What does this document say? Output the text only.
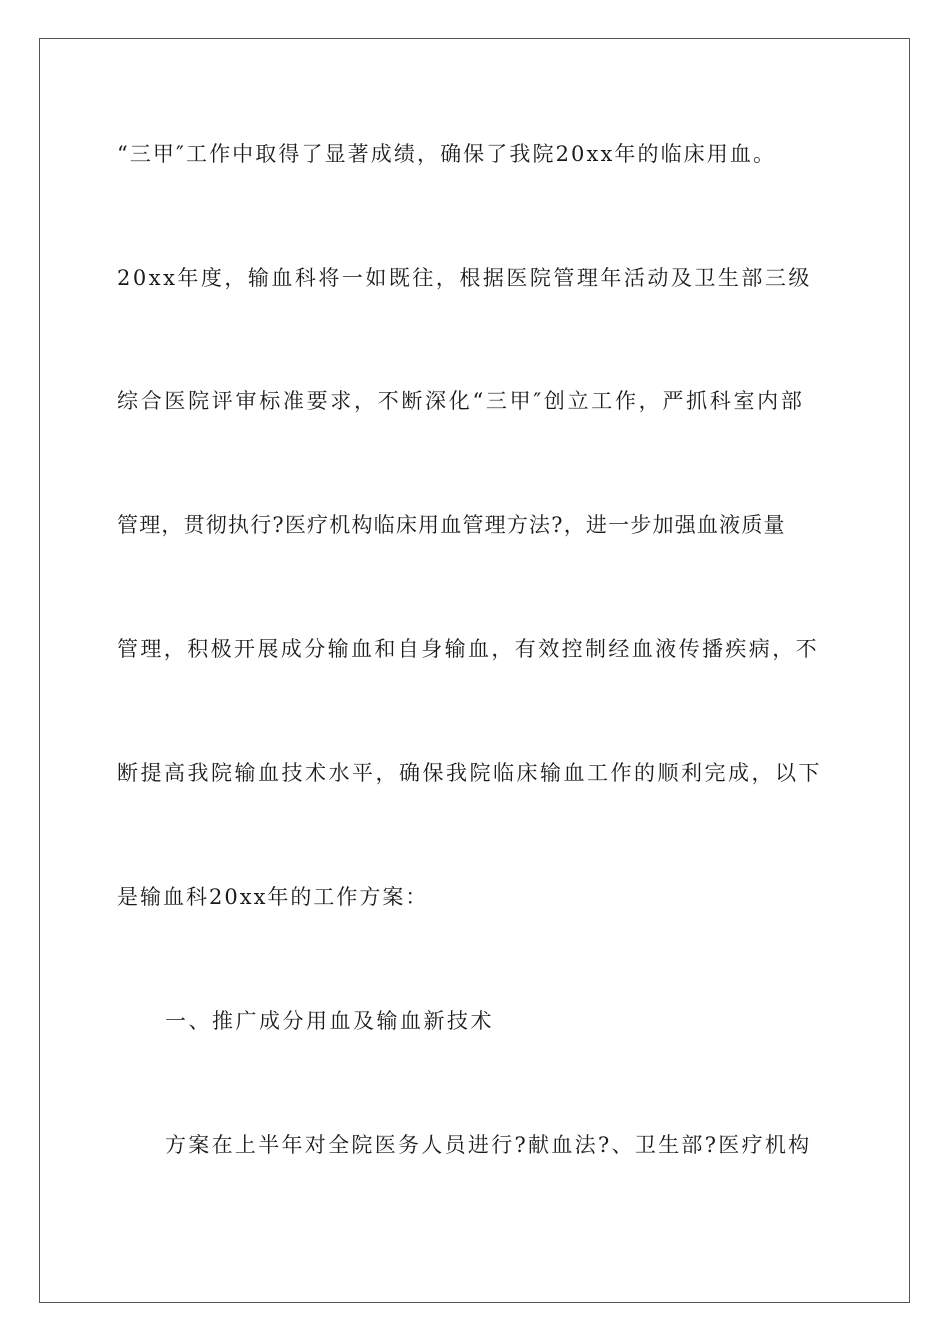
“三甲″工作中取得了显著成绩，确保了我院20xx年的临床用血。
20xx年度，输血科将一如既往，根据医院管理年活动及卫生部三级
综合医院评审标准要求，不断深化“三甲″创立工作，严抓科室内部
管理，贯彻执行?医疗机构临床用血管理方法?，进一步加强血液质量
管理，积极开展成分输血和自身输血，有效控制经血液传播疾病，不
断提高我院输血技术水平，确保我院临床输血工作的顺利完成，以下
是输血科20xx年的工作方案：
一、推广成分用血及输血新技术
方案在上半年对全院医务人员进行?献血法?、卫生部?医疗机构
